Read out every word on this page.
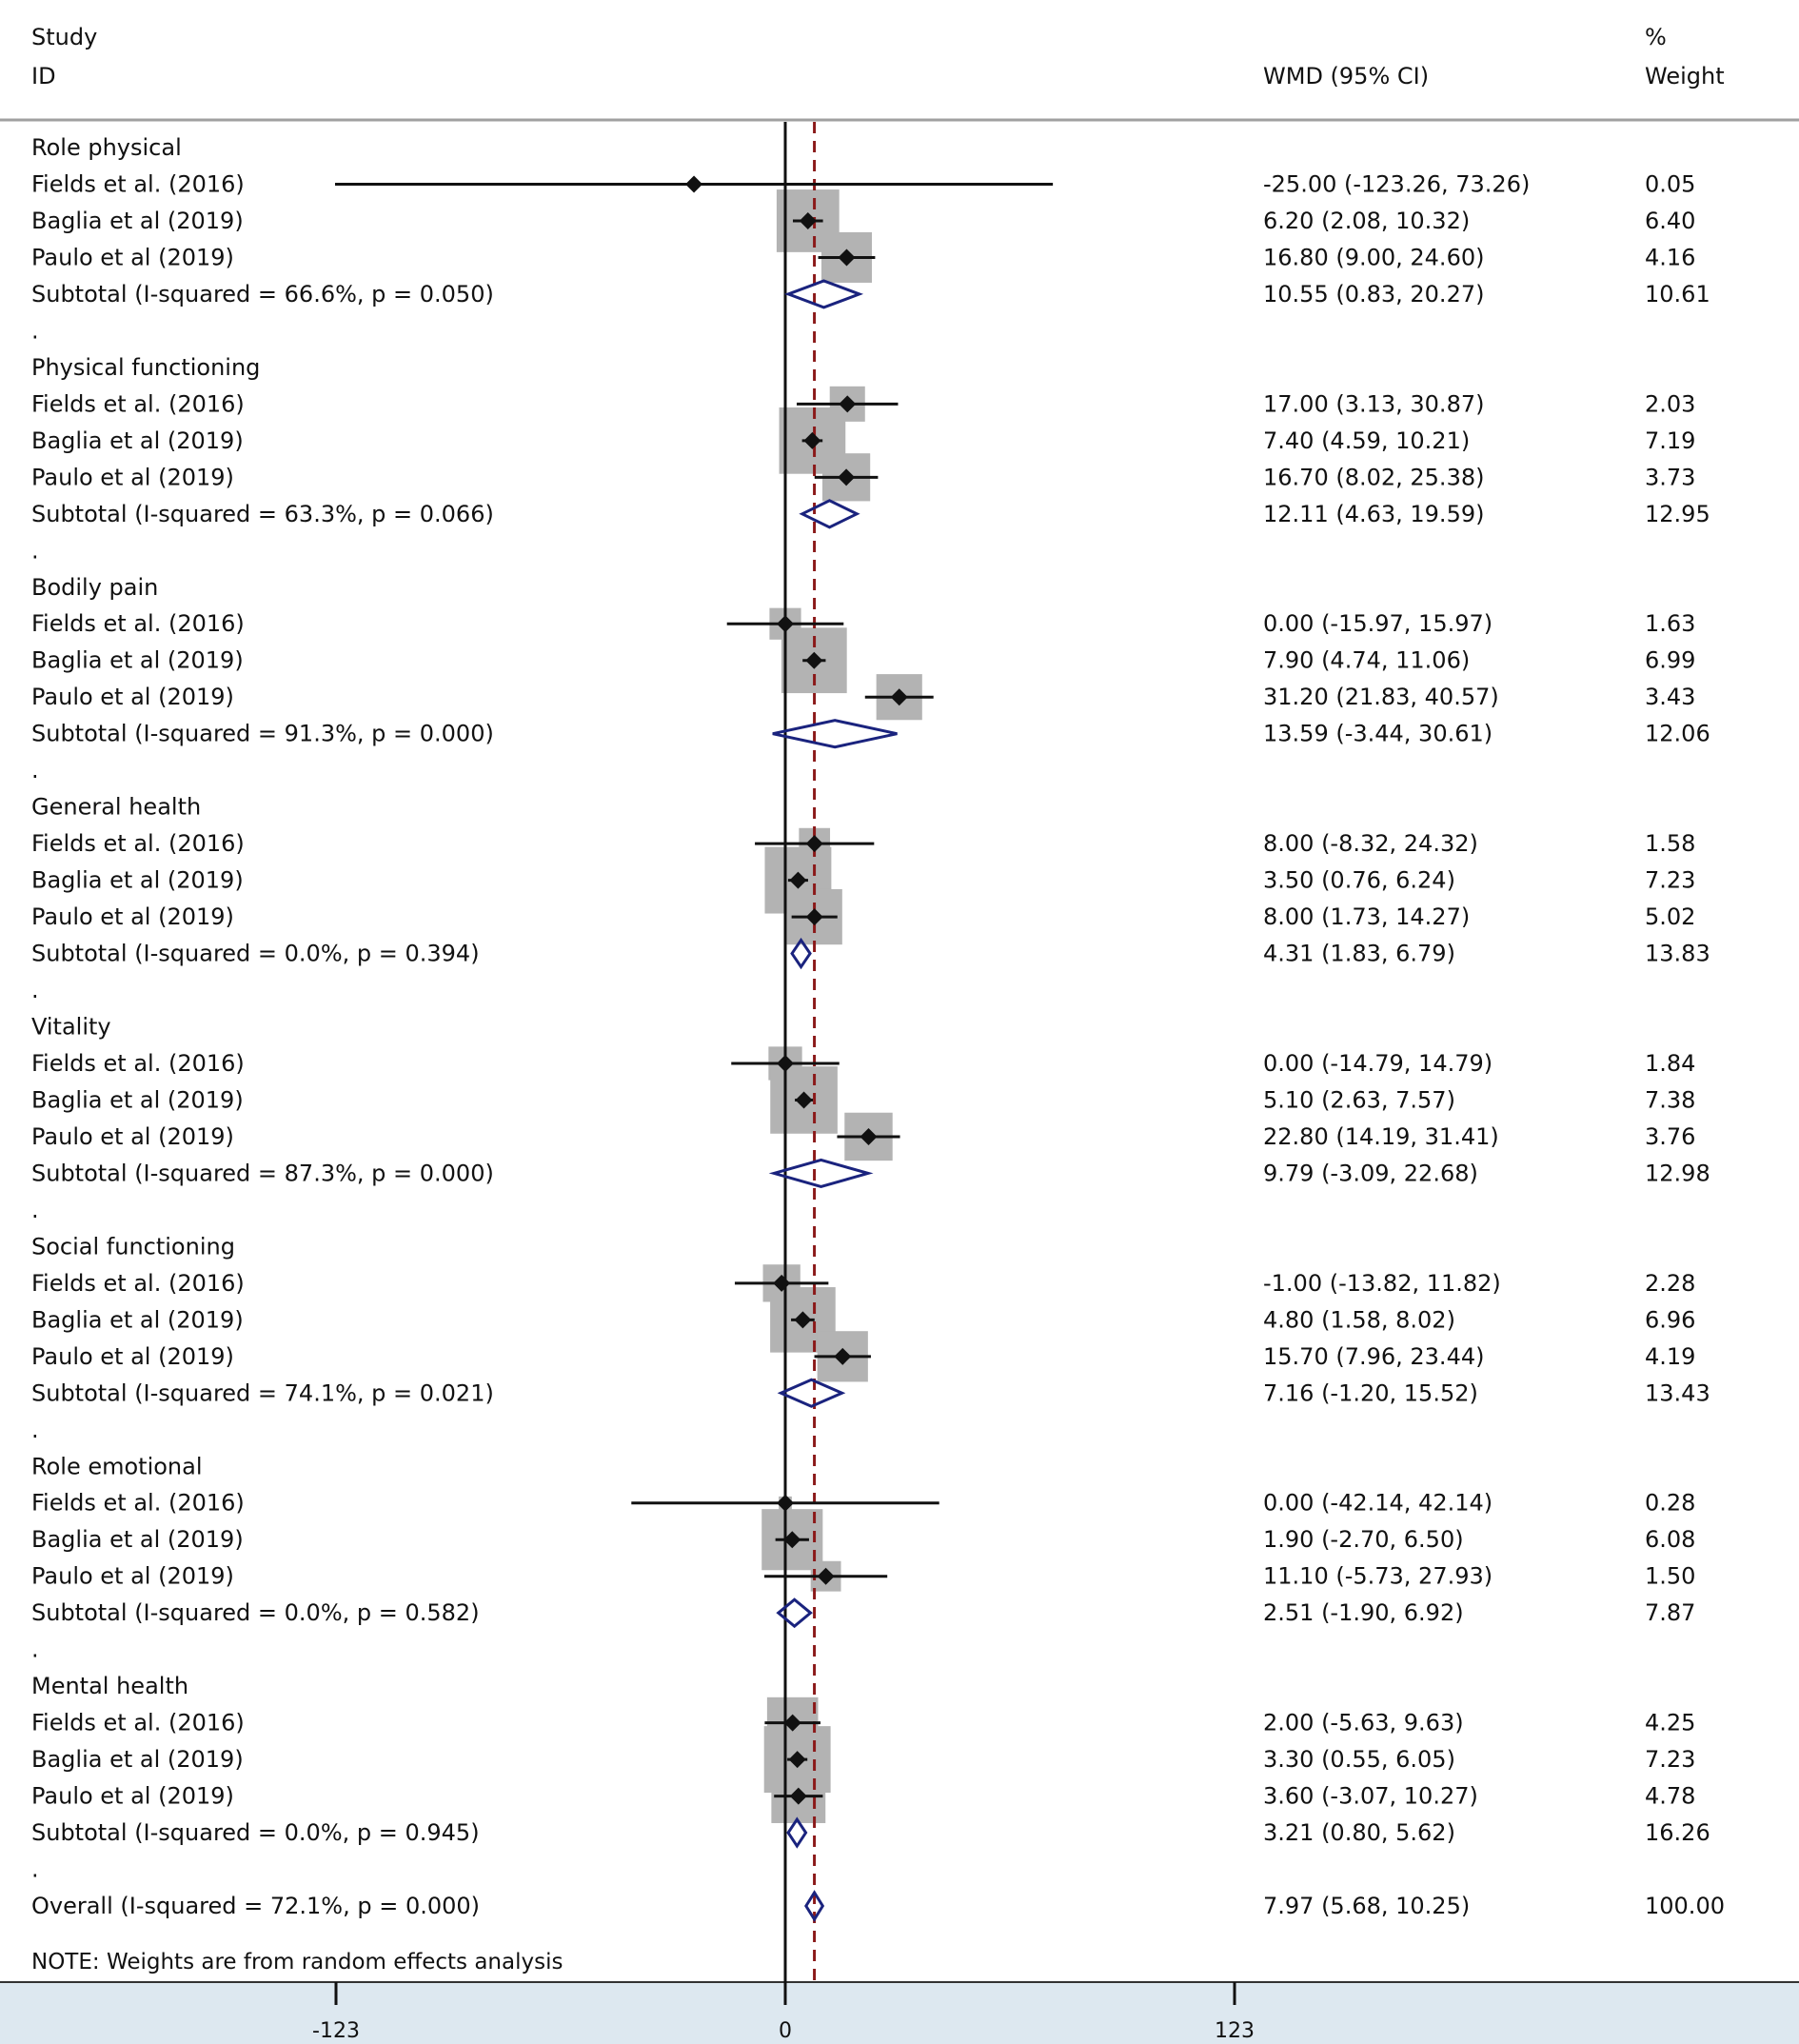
Study
ID	WMD (95% CI)
%
Weight
NOTE: Weights are from random effects analysis
-123	0	123
Role physical
Fields et al. (2016)	-25.00 (-123.26, 73.26)	0.05
Baglia et al (2019)	6.20 (2.08, 10.32)	6.40
Paulo et al (2019)	16.80 (9.00, 24.60)	4.16
Subtotal (I-squared = 66.6%, p = 0.050)	10.55 (0.83, 20.27)	10.61
.
Physical functioning
Fields et al. (2016)	17.00 (3.13, 30.87)	2.03
Baglia et al (2019)	7.40 (4.59, 10.21)	7.19
Paulo et al (2019)	16.70 (8.02, 25.38)	3.73
Subtotal (I-squared = 63.3%, p = 0.066)	12.11 (4.63, 19.59)	12.95
.
Bodily pain
Fields et al. (2016)	0.00 (-15.97, 15.97)	1.63
Baglia et al (2019)	7.90 (4.74, 11.06)	6.99
Paulo et al (2019)	31.20 (21.83, 40.57)	3.43
Subtotal (I-squared = 91.3%, p = 0.000)	13.59 (-3.44, 30.61)	12.06
.
General health
Fields et al. (2016)	8.00 (-8.32, 24.32)	1.58
Baglia et al (2019)	3.50 (0.76, 6.24)	7.23
Paulo et al (2019)	8.00 (1.73, 14.27)	5.02
Subtotal (I-squared = 0.0%, p = 0.394)	4.31 (1.83, 6.79)	13.83
.
Vitality
Fields et al. (2016)	0.00 (-14.79, 14.79)	1.84
Baglia et al (2019)	5.10 (2.63, 7.57)	7.38
Paulo et al (2019)	22.80 (14.19, 31.41)	3.76
Subtotal (I-squared = 87.3%, p = 0.000)	9.79 (-3.09, 22.68)	12.98
.
Social functioning
Fields et al. (2016)	-1.00 (-13.82, 11.82)	2.28
Baglia et al (2019)	4.80 (1.58, 8.02)	6.96
Paulo et al (2019)	15.70 (7.96, 23.44)	4.19
Subtotal (I-squared = 74.1%, p = 0.021)	7.16 (-1.20, 15.52)	13.43
.
Role emotional
Fields et al. (2016)	0.00 (-42.14, 42.14)	0.28
Baglia et al (2019)	1.90 (-2.70, 6.50)	6.08
Paulo et al (2019)	11.10 (-5.73, 27.93)	1.50
Subtotal (I-squared = 0.0%, p = 0.582)	2.51 (-1.90, 6.92)	7.87
.
Mental health
Fields et al. (2016)	2.00 (-5.63, 9.63)	4.25
Baglia et al (2019)	3.30 (0.55, 6.05)	7.23
Paulo et al (2019)	3.60 (-3.07, 10.27)	4.78
Subtotal (I-squared = 0.0%, p = 0.945)	3.21 (0.80, 5.62)	16.26
.
Overall (I-squared = 72.1%, p = 0.000)	7.97 (5.68, 10.25)	100.00
